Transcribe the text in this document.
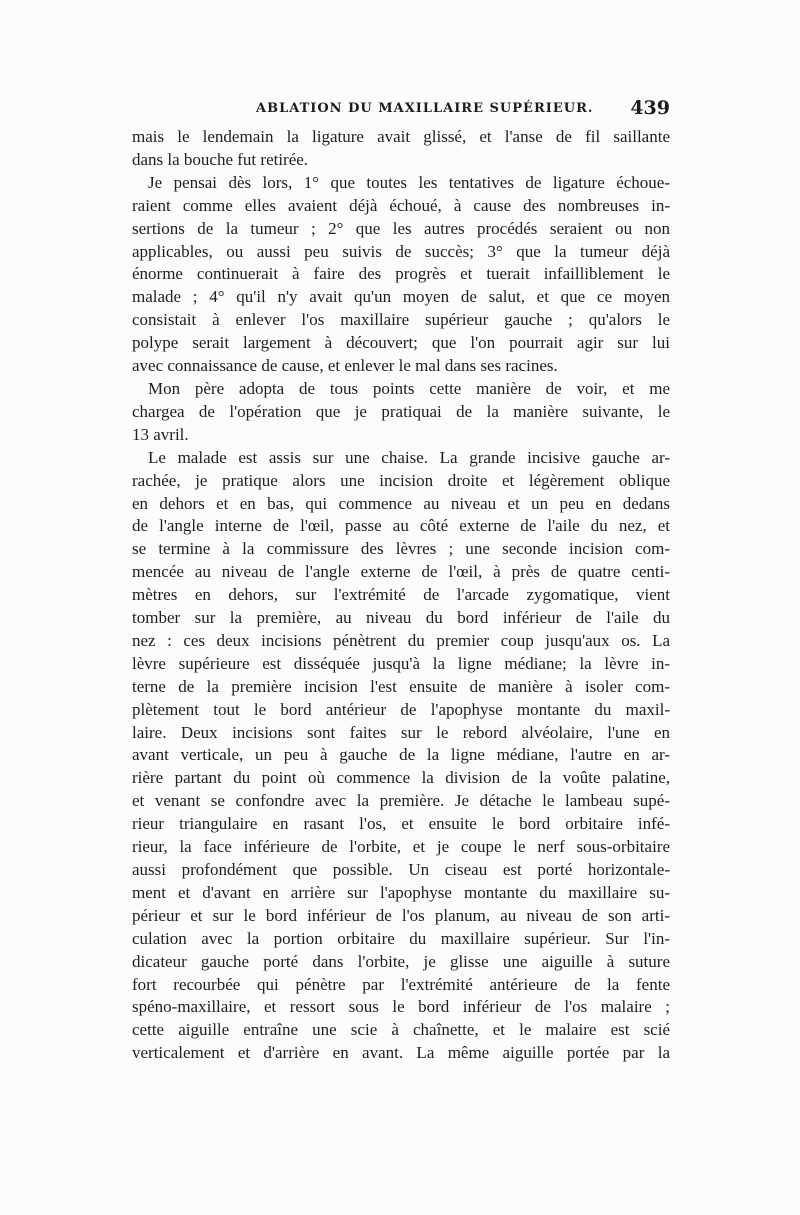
ABLATION DU MAXILLAIRE SUPÉRIEUR. 439

mais le lendemain la ligature avait glissé, et l'anse de fil saillante
dans la bouche fut retirée.

Je pensai dès lors, 1° que toutes les tentatives de ligature échoue-
raient comme elles avaient déjà échoué, à cause des nombreuses in-
sertions de la tumeur ; 2° que les autres procédés seraient ou non
applicables, ou aussi peu suivis de succès; 3° que la tumeur déjà
énorme continuerait à faire des progrès et tuerait infailliblement le
malade ; 4° qu'il n'y avait qu'un moyen de salut, et que ce moyen
consistait à enlever l'os maxillaire supérieur gauche ; qu'alors le
polype serait largement à découvert; que l'on pourrait agir sur lui
avec connaissance de cause, et enlever le mal dans ses racines.

Mon père adopta de tous points cette manière de voir, et me
chargea de l'opération que je pratiquai de la manière suivante, le
13 avril.

Le malade est assis sur une chaise. La grande incisive gauche ar-
rachée, je pratique alors une incision droite et légèrement oblique
en dehors et en bas, qui commence au niveau et un peu en dedans
de l'angle interne de l'œil, passe au côté externe de l'aile du nez, et
se termine à la commissure des lèvres ; une seconde incision com-
mencée au niveau de l'angle externe de l'œil, à près de quatre centi-
mètres en dehors, sur l'extrémité de l'arcade zygomatique, vient
tomber sur la première, au niveau du bord inférieur de l'aile du
nez : ces deux incisions pénètrent du premier coup jusqu'aux os. La
lèvre supérieure est disséquée jusqu'à la ligne médiane; la lèvre in-
terne de la première incision l'est ensuite de manière à isoler com-
plètement tout le bord antérieur de l'apophyse montante du maxil-
laire. Deux incisions sont faites sur le rebord alvéolaire, l'une en
avant verticale, un peu à gauche de la ligne médiane, l'autre en ar-
rière partant du point où commence la division de la voûte palatine,
et venant se confondre avec la première. Je détache le lambeau supé-
rieur triangulaire en rasant l'os, et ensuite le bord orbitaire infé-
rieur, la face inférieure de l'orbite, et je coupe le nerf sous-orbitaire
aussi profondément que possible. Un ciseau est porté horizontale-
ment et d'avant en arrière sur l'apophyse montante du maxillaire su-
périeur et sur le bord inférieur de l'os planum, au niveau de son arti-
culation avec la portion orbitaire du maxillaire supérieur. Sur l'in-
dicateur gauche porté dans l'orbite, je glisse une aiguille à suture
fort recourbée qui pénètre par l'extrémité antérieure de la fente
spéno-maxillaire, et ressort sous le bord inférieur de l'os malaire ;
cette aiguille entraîne une scie à chaînette, et le malaire est scié
verticalement et d'arrière en avant. La même aiguille portée par la
